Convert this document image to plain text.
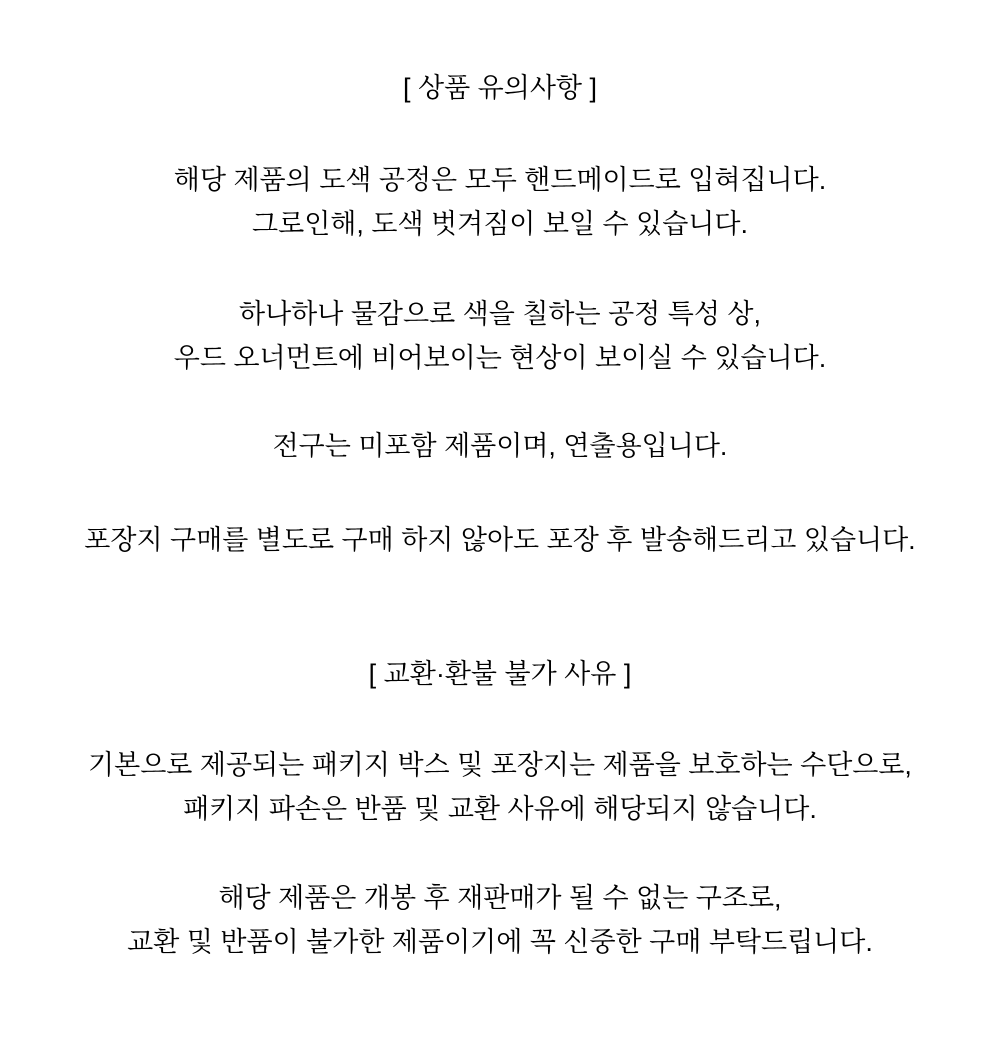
[ 상품 유의사항 ]

해당 제품의 도색 공정은 모두 핸드메이드로 입혀집니다.
그로인해, 도색 벗겨짐이 보일 수 있습니다.

하나하나 물감으로 색을 칠하는 공정 특성 상,
우드 오너먼트에 비어보이는 현상이 보이실 수 있습니다.

전구는 미포함 제품이며, 연출용입니다.

포장지 구매를 별도로 구매 하지 않아도 포장 후 발송해드리고 있습니다.

[ 교환·환불 불가 사유 ]

기본으로 제공되는 패키지 박스 및 포장지는 제품을 보호하는 수단으로,
패키지 파손은 반품 및 교환 사유에 해당되지 않습니다.

해당 제품은 개봉 후 재판매가 될 수 없는 구조로,
교환 및 반품이 불가한 제품이기에 꼭 신중한 구매 부탁드립니다.
